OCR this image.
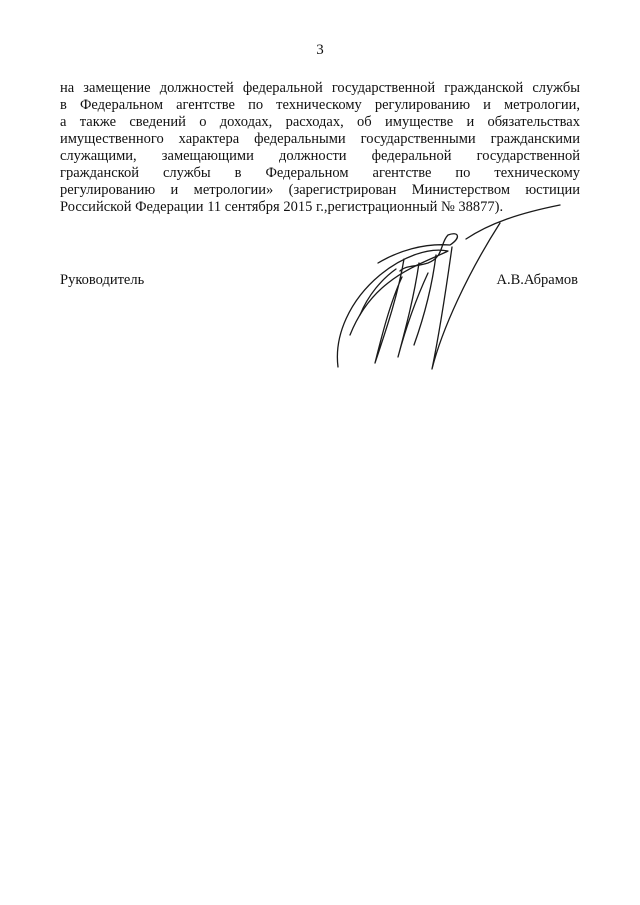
3
на замещение должностей федеральной государственной гражданской службы
в Федеральном агентстве по техническому регулированию и метрологии,
а также сведений о доходах, расходах, об имуществе и обязательствах
имущественного характера федеральными государственными гражданскими
служащими, замещающими должности федеральной государственной
гражданской службы в Федеральном агентстве по техническому
регулированию и метрологии» (зарегистрирован Министерством юстиции
Российской Федерации 11 сентября 2015 г.,регистрационный № 38877).
Руководитель	А.В.Абрамов
